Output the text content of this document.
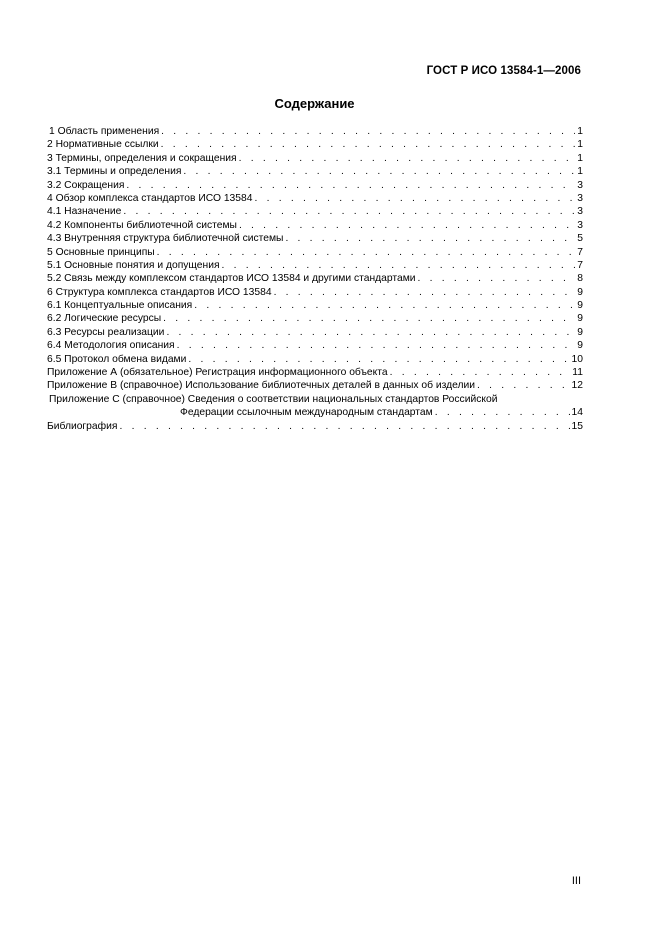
ГОСТ Р ИСО 13584-1—2006
Содержание
1 Область применения . . .	1
2 Нормативные ссылки . . .	1
3 Термины, определения и сокращения . . .	1
3.1 Термины и определения . . .	1
3.2 Сокращения . . .	3
4 Обзор комплекса стандартов ИСО 13584 . . .	3
4.1 Назначение . . .	3
4.2 Компоненты библиотечной системы . . .	3
4.3 Внутренняя структура библиотечной системы . . .	5
5 Основные принципы . . .	7
5.1 Основные понятия и допущения . . .	7
5.2 Связь между комплексом стандартов ИСО 13584 и другими стандартами . . .	8
6 Структура комплекса стандартов ИСО 13584 . . .	9
6.1 Концептуальные описания . . .	9
6.2 Логические ресурсы . . .	9
6.3 Ресурсы реализации . . .	9
6.4 Методология описания . . .	9
6.5 Протокол обмена видами . . .	10
Приложение А (обязательное) Регистрация информационного объекта . . .	11
Приложение В (справочное) Использование библиотечных деталей в данных об изделии . . .	12
Приложение С (справочное) Сведения о соответствии национальных стандартов Российской
Федерации ссылочным международным стандартам . . .	14
Библиография . . .	15
III
